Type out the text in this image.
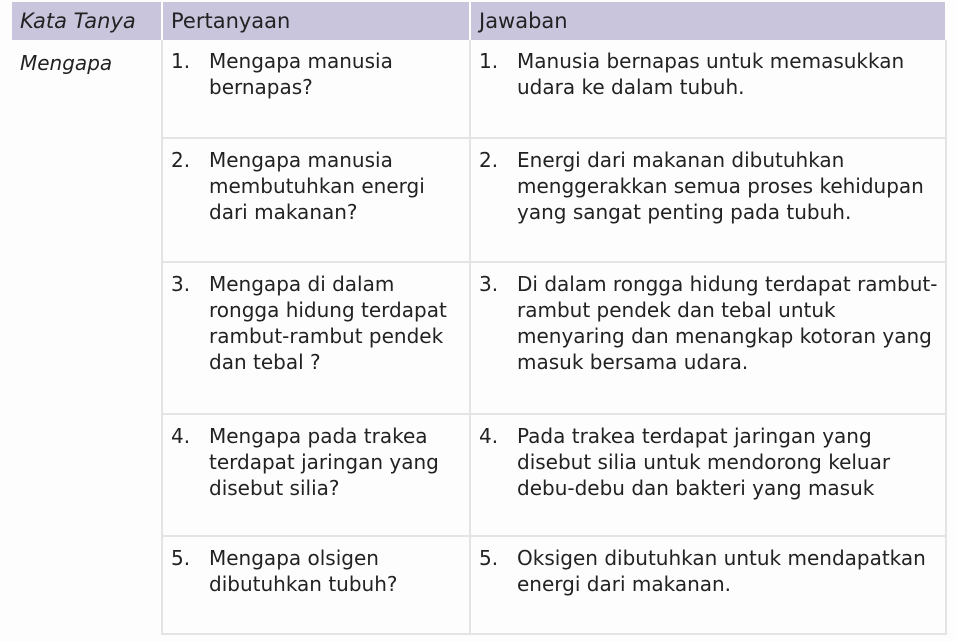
Kata Tanya	Pertanyaan	Jawaban
Mengapa	1. Mengapa manusia bernapas?	1. Manusia bernapas untuk memasukkan udara ke dalam tubuh.

	2. Mengapa manusia membutuhkan energi dari makanan?	2. Energi dari makanan dibutuhkan menggerakkan semua proses kehidupan yang sangat penting pada tubuh.

	3. Mengapa di dalam rongga hidung terdapat rambut-rambut pendek dan tebal ?	3. Di dalam rongga hidung terdapat rambut-rambut pendek dan tebal untuk menyaring dan menangkap kotoran yang masuk bersama udara.

	4. Mengapa pada trakea terdapat jaringan yang disebut silia?	4. Pada trakea terdapat jaringan yang disebut silia untuk mendorong keluar debu-debu dan bakteri yang masuk

	5. Mengapa olsigen dibutuhkan tubuh?	5. Oksigen dibutuhkan untuk mendapatkan energi dari makanan.
